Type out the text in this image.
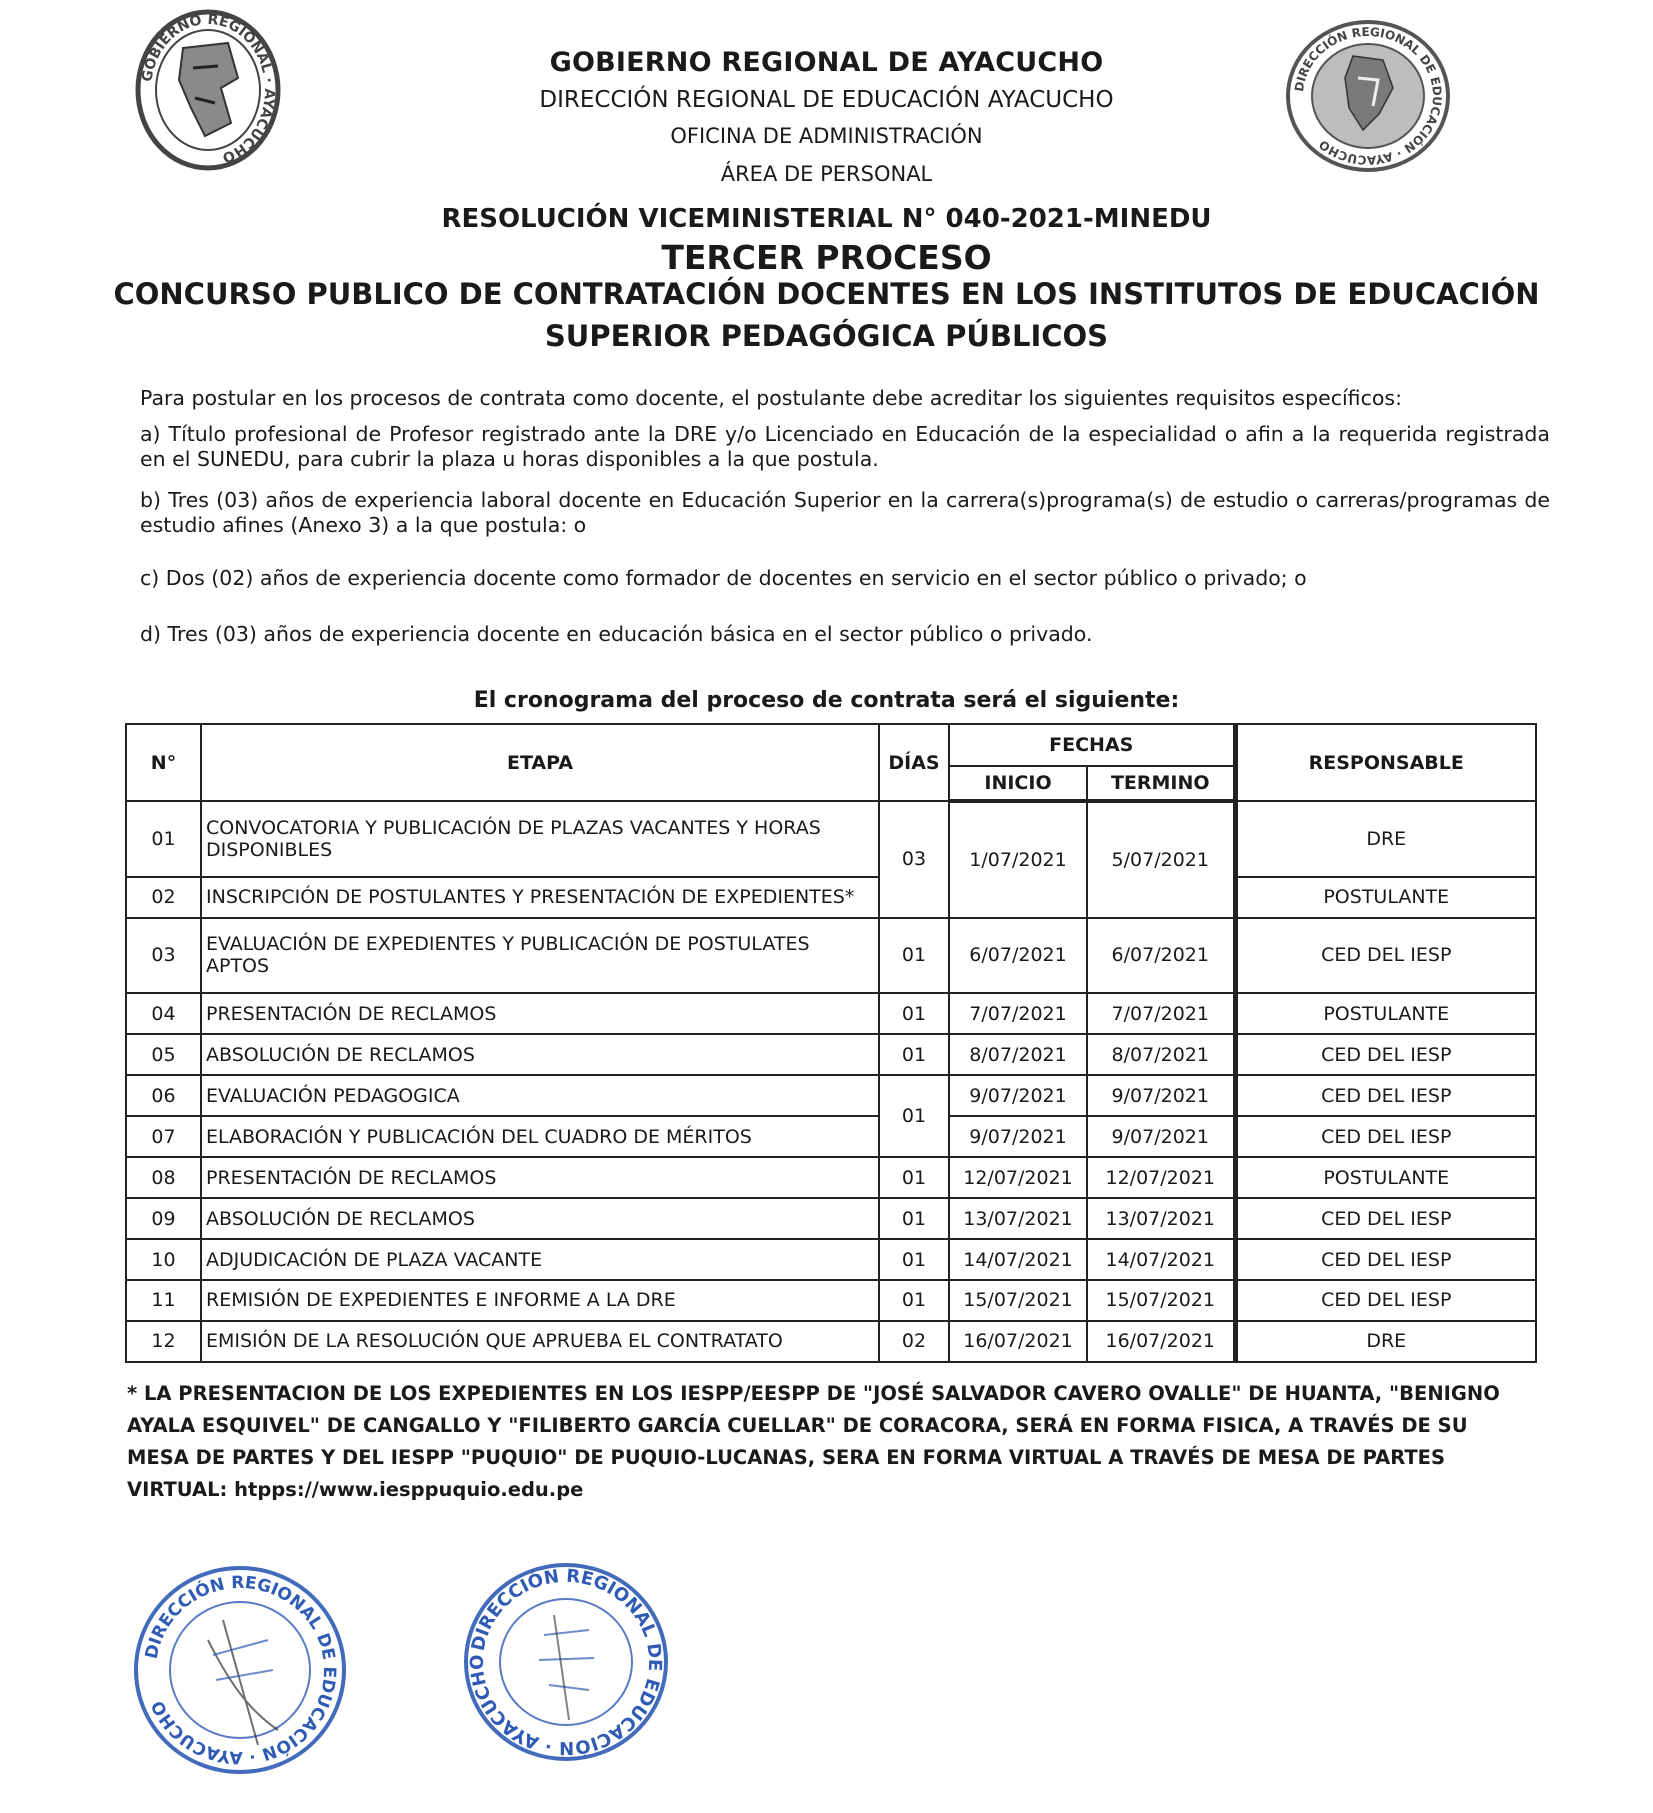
GOBIERNO REGIONAL · AYACUCHO
DIRECCIÓN REGIONAL DE EDUCACIÓN · AYACUCHO
GOBIERNO REGIONAL DE AYACUCHO
DIRECCIÓN REGIONAL DE EDUCACIÓN AYACUCHO
OFICINA DE ADMINISTRACIÓN
ÁREA DE PERSONAL
RESOLUCIÓN VICEMINISTERIAL N° 040-2021-MINEDU
TERCER PROCESO
CONCURSO PUBLICO DE CONTRATACIÓN DOCENTES EN LOS INSTITUTOS DE EDUCACIÓN
SUPERIOR PEDAGÓGICA PÚBLICOS
Para postular en los procesos de contrata como docente, el postulante debe acreditar los siguientes requisitos específicos:
a) Título profesional de Profesor registrado ante la DRE y/o Licenciado en Educación de la especialidad o afin a la requerida registrada en el SUNEDU, para cubrir la plaza u horas disponibles a la que postula.
b) Tres (03) años de experiencia laboral docente en Educación Superior en la carrera(s)programa(s) de estudio o carreras/programas de estudio afines (Anexo 3) a la que postula: o
c) Dos (02) años de experiencia docente como formador de docentes en servicio en el sector público o privado; o
d) Tres (03) años de experiencia docente en educación básica en el sector público o privado.
El cronograma del proceso de contrata será el siguiente:
N°	ETAPA	DÍAS	FECHAS		RESPONSABLE
			INICIO	TERMINO	
01	CONVOCATORIA Y PUBLICACIÓN DE PLAZAS VACANTES Y HORAS DISPONIBLES	03	1/07/2021	5/07/2021	DRE
02	INSCRIPCIÓN DE POSTULANTES Y PRESENTACIÓN DE EXPEDIENTES*				POSTULANTE
03	EVALUACIÓN DE EXPEDIENTES Y PUBLICACIÓN DE POSTULATES APTOS	01	6/07/2021	6/07/2021	CED DEL IESP
04	PRESENTACIÓN DE RECLAMOS	01	7/07/2021	7/07/2021	POSTULANTE
05	ABSOLUCIÓN DE RECLAMOS	01	8/07/2021	8/07/2021	CED DEL IESP
06	EVALUACIÓN PEDAGOGICA	01	9/07/2021	9/07/2021	CED DEL IESP
07	ELABORACIÓN Y PUBLICACIÓN DEL CUADRO DE MÉRITOS		9/07/2021	9/07/2021	CED DEL IESP
08	PRESENTACIÓN DE RECLAMOS	01	12/07/2021	12/07/2021	POSTULANTE
09	ABSOLUCIÓN DE RECLAMOS	01	13/07/2021	13/07/2021	CED DEL IESP
10	ADJUDICACIÓN DE PLAZA VACANTE	01	14/07/2021	14/07/2021	CED DEL IESP
11	REMISIÓN DE EXPEDIENTES E INFORME A LA DRE	01	15/07/2021	15/07/2021	CED DEL IESP
12	EMISIÓN DE LA RESOLUCIÓN QUE APRUEBA EL CONTRATATO	02	16/07/2021	16/07/2021	DRE
* LA PRESENTACION DE LOS EXPEDIENTES EN LOS IESPP/EESPP DE "JOSÉ SALVADOR CAVERO OVALLE" DE HUANTA, "BENIGNO AYALA ESQUIVEL" DE CANGALLO Y "FILIBERTO GARCÍA CUELLAR" DE CORACORA, SERÁ EN FORMA FISICA, A TRAVÉS DE SU MESA DE PARTES Y DEL IESPP "PUQUIO" DE PUQUIO-LUCANAS, SERA EN FORMA VIRTUAL A TRAVÉS DE MESA DE PARTES VIRTUAL: htpps://www.iesppuquio.edu.pe
DIRECCIÓN REGIONAL DE EDUCACIÓN · AYACUCHO
DIRECCIÓN REGIONAL DE EDUCACIÓN · AYACUCHO
